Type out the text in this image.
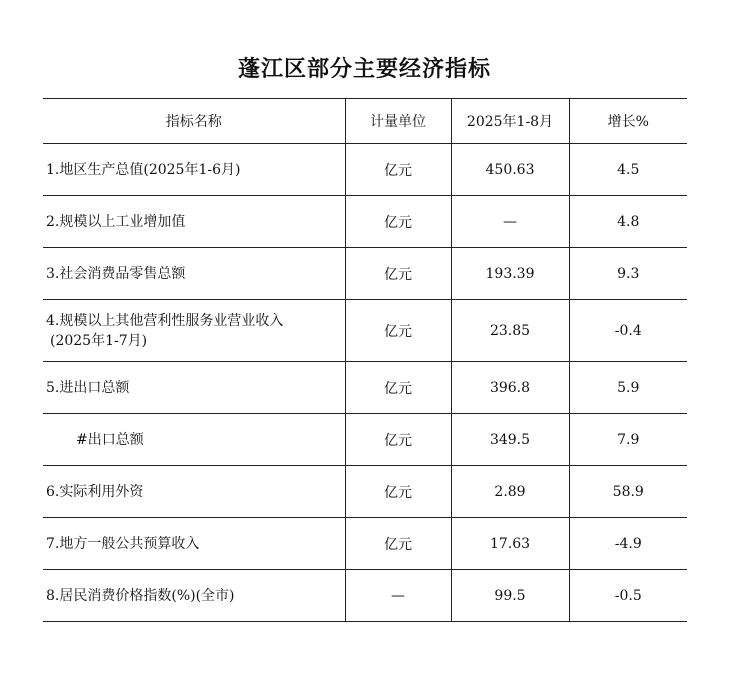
蓬江区部分主要经济指标
指标名称	计量单位	2025年1-8月	增长%
1.地区生产总值(2025年1-6月)	亿元	450.63	4.5
2.规模以上工业增加值	亿元	—	4.8
3.社会消费品零售总额	亿元	193.39	9.3
4.规模以上其他营利性服务业营业收入
(2025年1-7月)	亿元	23.85	-0.4
5.进出口总额	亿元	396.8	5.9
#出口总额	亿元	349.5	7.9
6.实际利用外资	亿元	2.89	58.9
7.地方一般公共预算收入	亿元	17.63	-4.9
8.居民消费价格指数(%)(全市)	—	99.5	-0.5
